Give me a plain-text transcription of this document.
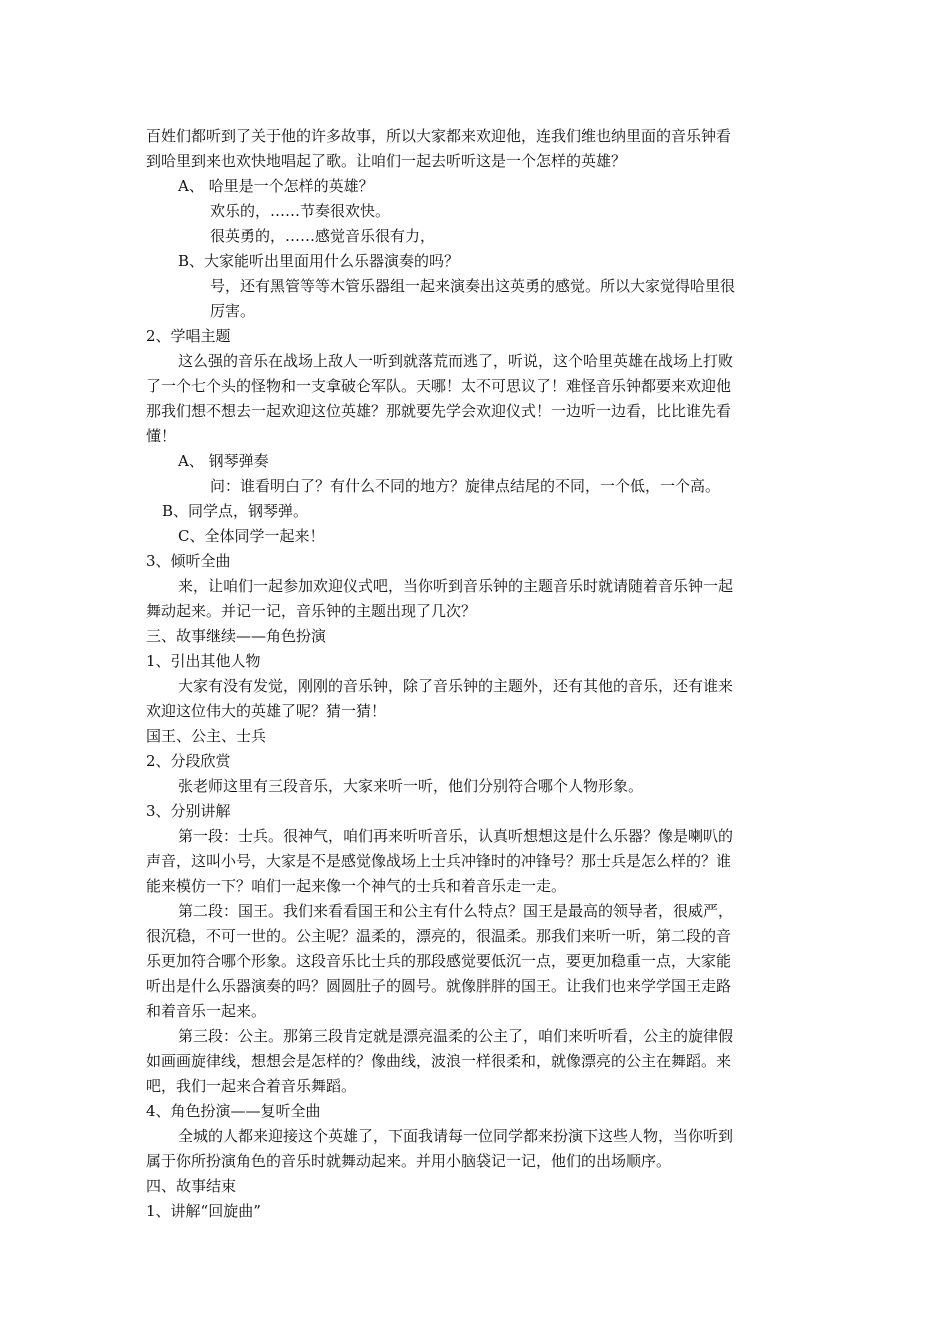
百姓们都听到了关于他的许多故事，所以大家都来欢迎他，连我们维也纳里面的音乐钟看
到哈里到来也欢快地唱起了歌。让咱们一起去听听这是一个怎样的英雄？
A、 哈里是一个怎样的英雄？
欢乐的，……节奏很欢快。
很英勇的，……感觉音乐很有力，
B、大家能听出里面用什么乐器演奏的吗？
号，还有黑管等等木管乐器组一起来演奏出这英勇的感觉。所以大家觉得哈里很
厉害。
2、学唱主题
这么强的音乐在战场上敌人一听到就落荒而逃了，听说，这个哈里英雄在战场上打败
了一个七个头的怪物和一支拿破仑军队。天哪！太不可思议了！难怪音乐钟都要来欢迎他
那我们想不想去一起欢迎这位英雄？那就要先学会欢迎仪式！一边听一边看，比比谁先看
懂！
A、 钢琴弹奏
问：谁看明白了？有什么不同的地方？旋律点结尾的不同，一个低，一个高。
B、同学点，钢琴弹。
C、全体同学一起来！
3、倾听全曲
来，让咱们一起参加欢迎仪式吧，当你听到音乐钟的主题音乐时就请随着音乐钟一起
舞动起来。并记一记，音乐钟的主题出现了几次？
三、故事继续——角色扮演
1、引出其他人物
大家有没有发觉，刚刚的音乐钟，除了音乐钟的主题外，还有其他的音乐，还有谁来
欢迎这位伟大的英雄了呢？猜一猜！
国王、公主、士兵
2、分段欣赏
张老师这里有三段音乐，大家来听一听，他们分别符合哪个人物形象。
3、分别讲解
第一段：士兵。很神气，咱们再来听听音乐，认真听想想这是什么乐器？像是喇叭的
声音，这叫小号，大家是不是感觉像战场上士兵冲锋时的冲锋号？那士兵是怎么样的？谁
能来模仿一下？咱们一起来像一个神气的士兵和着音乐走一走。
第二段：国王。我们来看看国王和公主有什么特点？国王是最高的领导者，很威严，
很沉稳，不可一世的。公主呢？温柔的，漂亮的，很温柔。那我们来听一听，第二段的音
乐更加符合哪个形象。这段音乐比士兵的那段感觉要低沉一点，要更加稳重一点，大家能
听出是什么乐器演奏的吗？圆圆肚子的圆号。就像胖胖的国王。让我们也来学学国王走路
和着音乐一起来。
第三段：公主。那第三段肯定就是漂亮温柔的公主了，咱们来听听看，公主的旋律假
如画画旋律线，想想会是怎样的？像曲线，波浪一样很柔和，就像漂亮的公主在舞蹈。来
吧，我们一起来合着音乐舞蹈。
4、角色扮演——复听全曲
全城的人都来迎接这个英雄了，下面我请每一位同学都来扮演下这些人物，当你听到
属于你所扮演角色的音乐时就舞动起来。并用小脑袋记一记，他们的出场顺序。
四、故事结束
1、讲解“回旋曲”
